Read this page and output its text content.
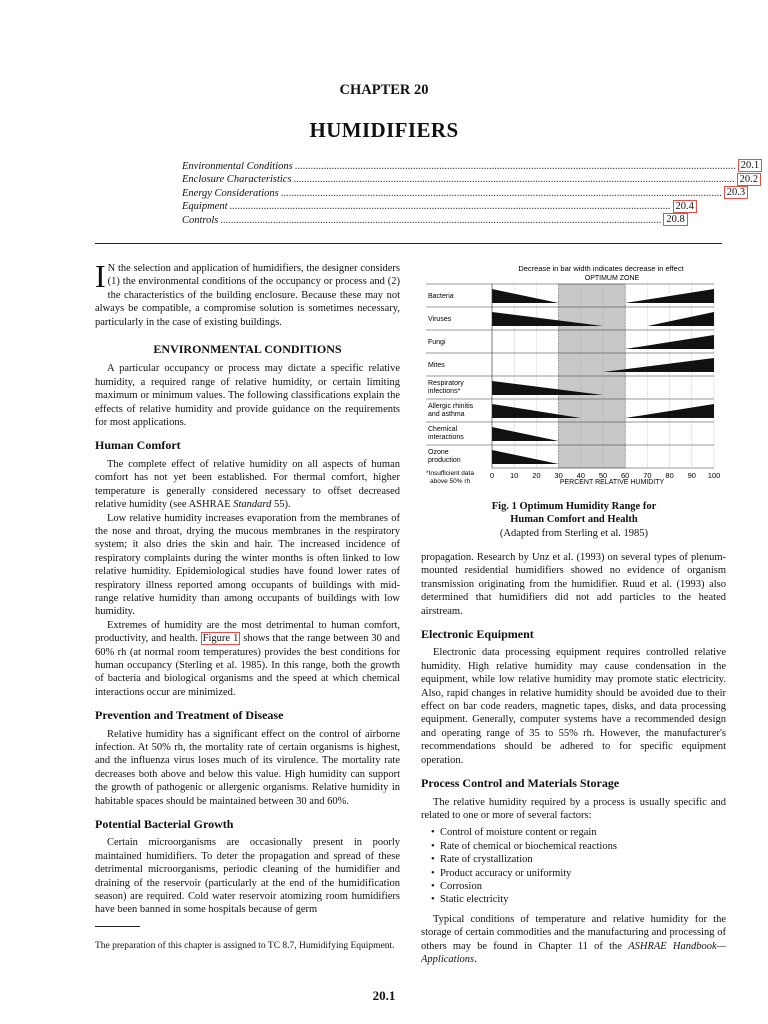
CHAPTER 20
HUMIDIFIERS
Environmental Conditions ........................................................................................................................................................................ 20.1
Enclosure Characteristics ........................................................................................................................................................................ 20.2
Energy Considerations ........................................................................................................................................................................ 20.3
Equipment ........................................................................................................................................................................ 20.4
Controls ........................................................................................................................................................................ 20.8

I N the selection and application of humidifiers, the designer considers (1) the environmental conditions of the occupancy or process and (2) the characteristics of the building enclosure. Because these may not always be compatible, a compromise solution is sometimes necessary, particularly in the case of existing buildings.

ENVIRONMENTAL CONDITIONS

A particular occupancy or process may dictate a specific relative humidity, a required range of relative humidity, or certain limiting maximum or minimum values. The following classifications explain the effects of relative humidity and provide guidance on the requirements for most applications.

Human Comfort

The complete effect of relative humidity on all aspects of human comfort has not yet been established. For thermal comfort, higher temperature is generally considered necessary to offset decreased relative humidity (see ASHRAE Standard 55).

Low relative humidity increases evaporation from the membranes of the nose and throat, drying the mucous membranes in the respiratory system; it also dries the skin and hair. The increased incidence of respiratory complaints during the winter months is often linked to low relative humidity. Epidemiological studies have found lower rates of respiratory illness reported among occupants of buildings with mid-range relative humidity than among occupants of buildings with low humidity.

Extremes of humidity are the most detrimental to human comfort, productivity, and health. Figure 1 shows that the range between 30 and 60% rh (at normal room temperatures) provides the best conditions for human occupancy (Sterling et al. 1985). In this range, both the growth of bacteria and biological organisms and the speed at which chemical interactions occur are minimized.

Prevention and Treatment of Disease

Relative humidity has a significant effect on the control of airborne infection. At 50% rh, the mortality rate of certain organisms is highest, and the influenza virus loses much of its virulence. The mortality rate decreases both above and below this value. High humidity can support the growth of pathogenic or allergenic organisms. Relative humidity in habitable spaces should be maintained between 30 and 60%.

Potential Bacterial Growth

Certain microorganisms are occasionally present in poorly maintained humidifiers. To deter the propagation and spread of these detrimental microorganisms, periodic cleaning of the humidifier and draining of the reservoir (particularly at the end of the humidification season) are required. Cold water reservoir atomizing room humidifiers have been banned in some hospitals because of germ

The preparation of this chapter is assigned to TC 8.7, Humidifying Equipment.
Decrease in bar width indicates decrease in effect
OPTIMUM ZONE
Bacteria
Viruses
Fungi
Mites
Respiratory
infections*
Allergic rhinitis
and asthma
Chemical
interactions
Ozone
production
0 10 20 30 40 50 60 70 80 90 100
*Insufficient data
above 50% rh	PERCENT RELATIVE HUMIDITY
Fig. 1 Optimum Humidity Range for
Human Comfort and Health
(Adapted from Sterling et al. 1985)

propagation. Research by Unz et al. (1993) on several types of plenum-mounted residential humidifiers showed no evidence of organism transmission originating from the humidifier. Ruud et al. (1993) also determined that humidifiers did not add particles to the heated airstream.

Electronic Equipment

Electronic data processing equipment requires controlled relative humidity. High relative humidity may cause condensation in the equipment, while low relative humidity may promote static electricity. Also, rapid changes in relative humidity should be avoided due to their effect on bar code readers, magnetic tapes, disks, and data processing equipment. Generally, computer systems have a recommended design and operating range of 35 to 55% rh. However, the manufacturer's recommendations should be adhered to for specific equipment operation.

Process Control and Materials Storage

The relative humidity required by a process is usually specific and related to one or more of several factors:

•  Control of moisture content or regain
•  Rate of chemical or biochemical reactions
•  Rate of crystallization
•  Product accuracy or uniformity
•  Corrosion
•  Static electricity

Typical conditions of temperature and relative humidity for the storage of certain commodities and the manufacturing and processing of others may be found in Chapter 11 of the ASHRAE Handbook—Applications.

20.1
